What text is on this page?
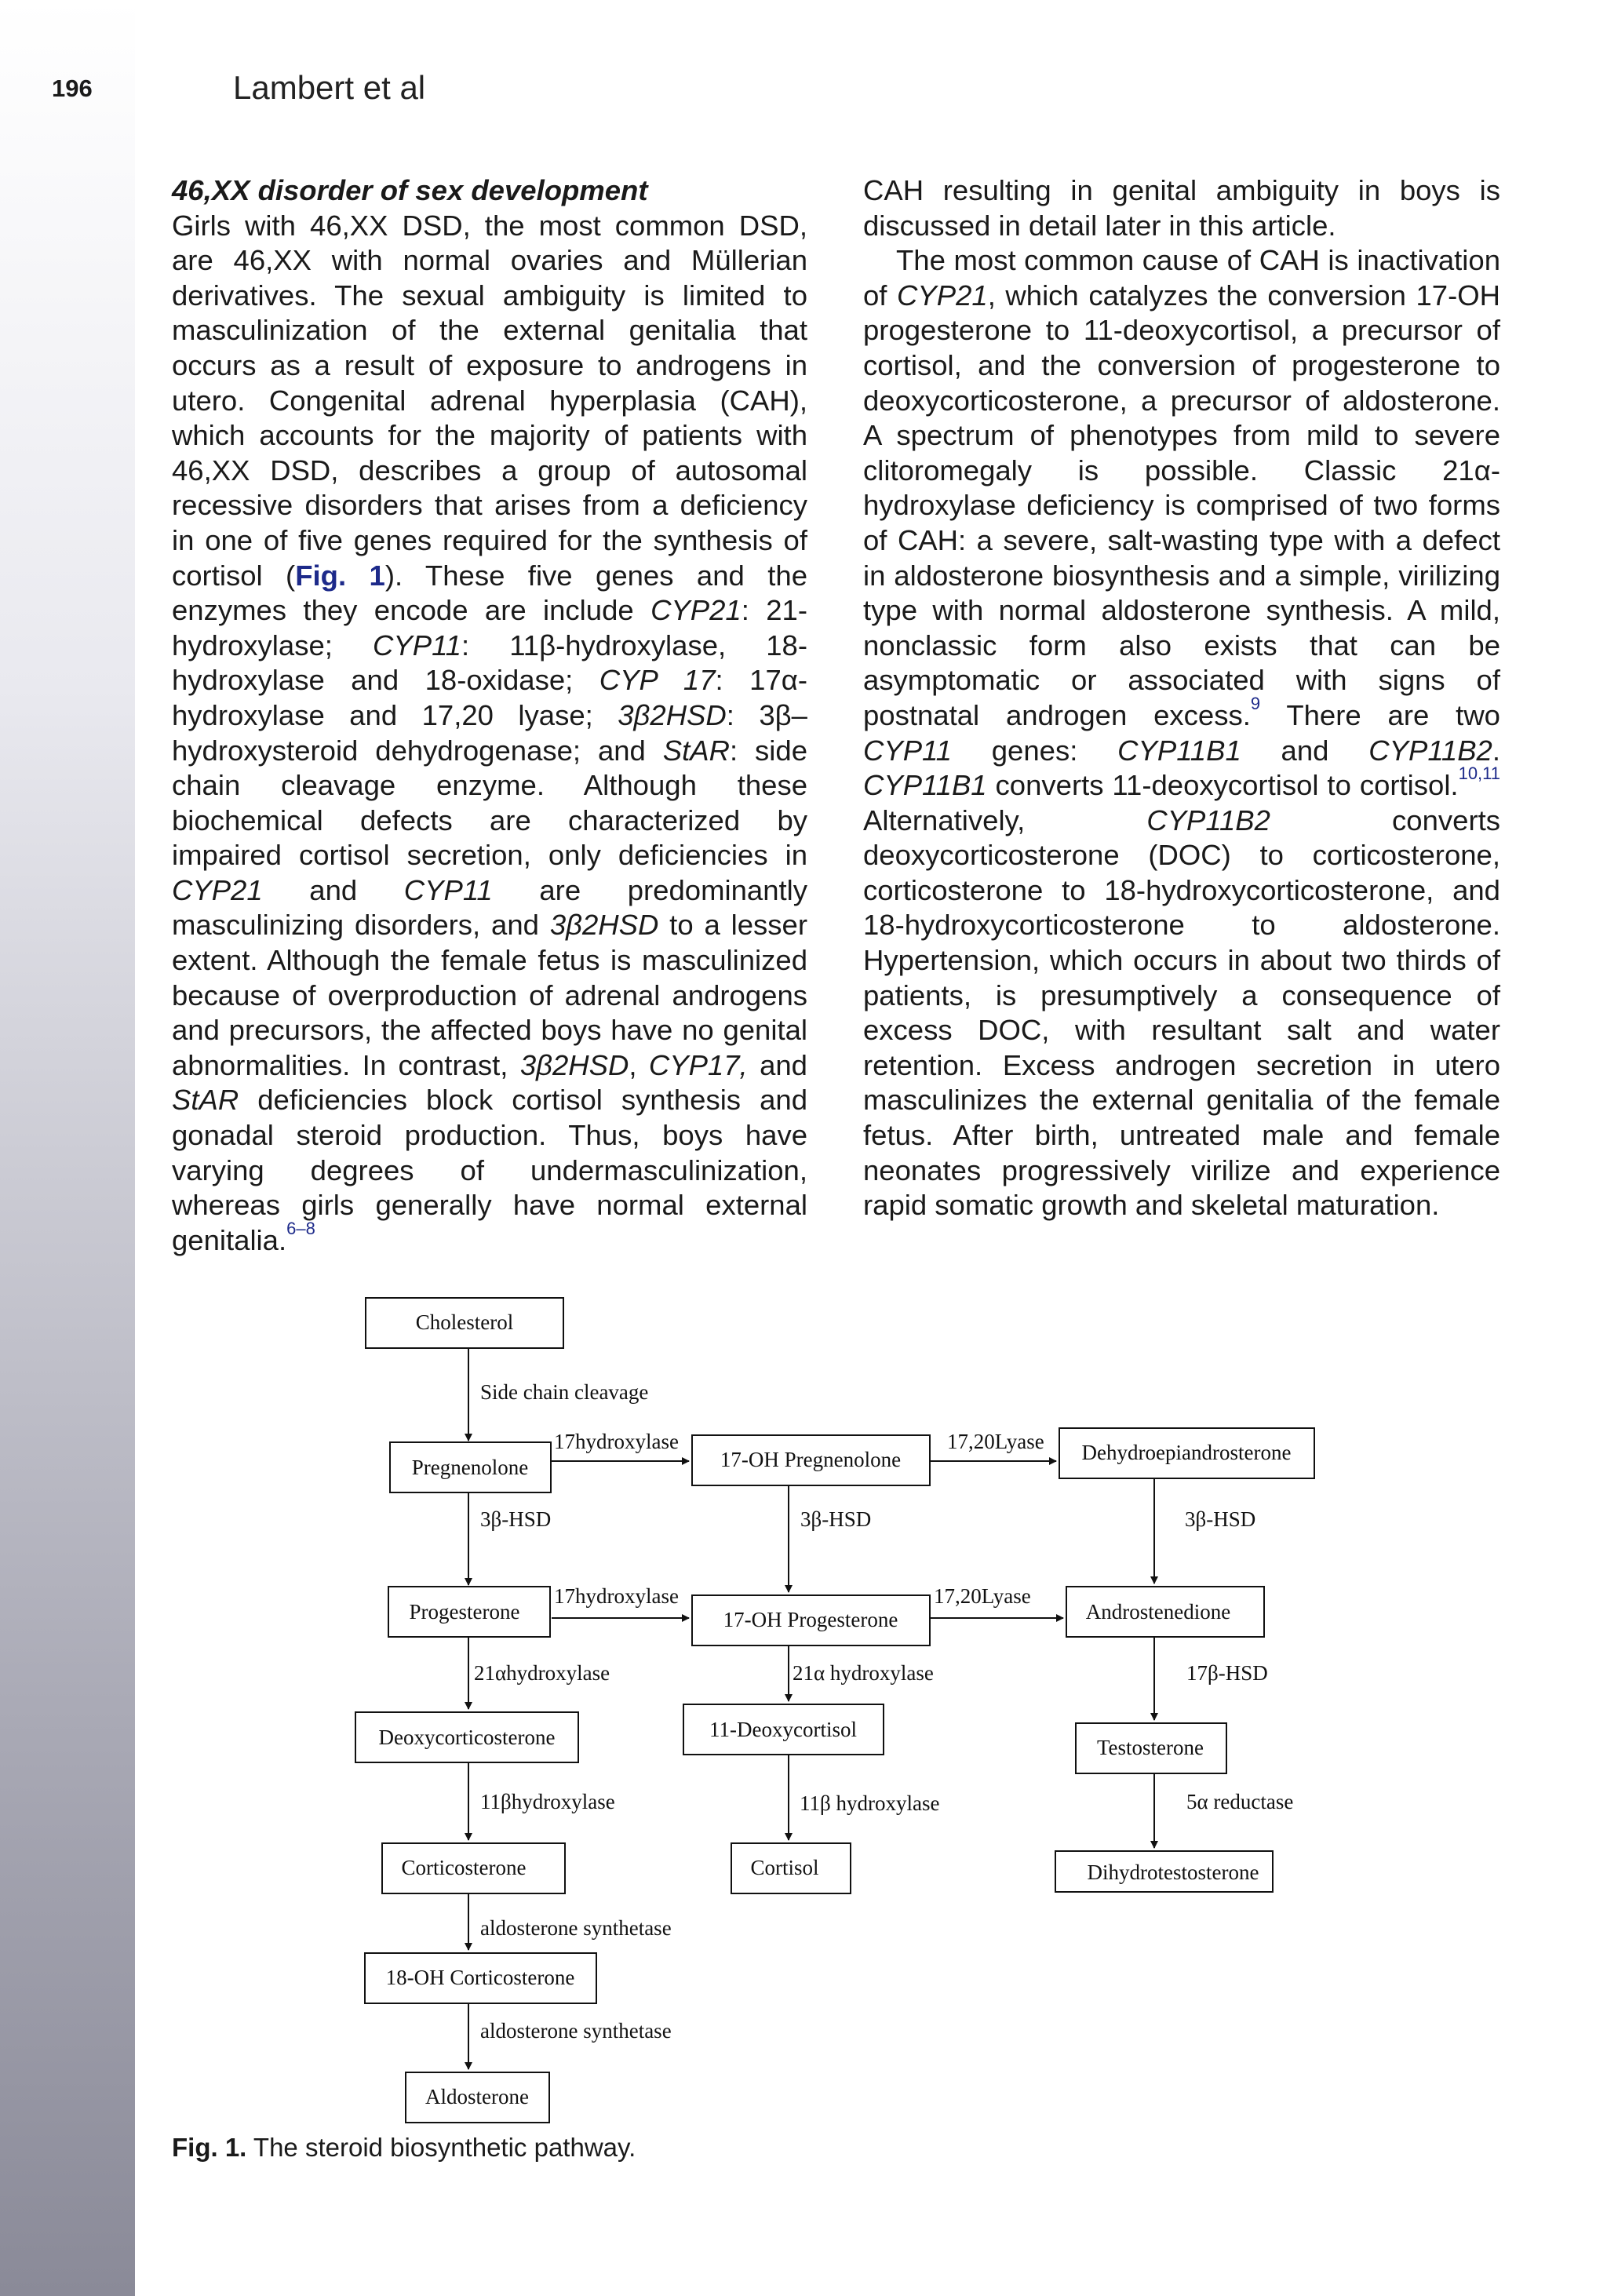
196	Lambert et al

46,XX disorder of sex development

Girls with 46,XX DSD, the most common DSD, are 46,XX with normal ovaries and Müllerian derivatives. The sexual ambiguity is limited to masculinization of the external genitalia that occurs as a result of exposure to androgens in utero. Congenital adrenal hyperplasia (CAH), which accounts for the majority of patients with 46,XX DSD, describes a group of autosomal recessive disorders that arises from a deficiency in one of five genes required for the synthesis of cortisol (Fig. 1). These five genes and the enzymes they encode are include CYP21: 21-hydroxylase; CYP11: 11β-hydroxylase, 18-hydroxylase and 18-oxidase; CYP 17: 17α-hydroxylase and 17,20 lyase; 3β2HSD: 3β–hydroxysteroid dehydrogenase; and StAR: side chain cleavage enzyme. Although these biochemical defects are characterized by impaired cortisol secretion, only deficiencies in CYP21 and CYP11 are predominantly masculinizing disorders, and 3β2HSD to a lesser extent. Although the female fetus is masculinized because of overproduction of adrenal androgens and precursors, the affected boys have no genital abnormalities. In contrast, 3β2HSD, CYP17, and StAR deficiencies block cortisol synthesis and gonadal steroid production. Thus, boys have varying degrees of undermasculinization, whereas girls generally have normal external genitalia.$^{6-8}$

CAH resulting in genital ambiguity in boys is discussed in detail later in this article.

The most common cause of CAH is inactivation of CYP21, which catalyzes the conversion 17-OH progesterone to 11-deoxycortisol, a precursor of cortisol, and the conversion of progesterone to deoxycorticosterone, a precursor of aldosterone. A spectrum of phenotypes from mild to severe clitoromegaly is possible. Classic 21α-hydroxylase deficiency is comprised of two forms of CAH: a severe, salt-wasting type with a defect in aldosterone biosynthesis and a simple, virilizing type with normal aldosterone synthesis. A mild, nonclassic form also exists that can be asymptomatic or associated with signs of postnatal androgen excess.$^9$ There are two CYP11 genes: CYP11B1 and CYP11B2. CYP11B1 converts 11-deoxycortisol to cortisol.$^{10,11}$ Alternatively, CYP11B2 converts deoxycorticosterone (DOC) to corticosterone, corticosterone to 18-hydroxycorticosterone, and 18-hydroxycorticosterone to aldosterone. Hypertension, which occurs in about two thirds of patients, is presumptively a consequence of excess DOC, with resultant salt and water retention. Excess androgen secretion in utero masculinizes the external genitalia of the female fetus. After birth, untreated male and female neonates progressively virilize and experience rapid somatic growth and skeletal maturation.

Cholesterol
Pregnenolone	17-OH Pregnenolone	Dehydroepiandrosterone
Progesterone	17-OH Progesterone	Androstenedione
Deoxycorticosterone	11-Deoxycortisol
Testosterone
Corticosterone	Cortisol	Dihydrotestosterone
18-OH Corticosterone
Aldosterone
Side chain cleavage
17hydroxylase	17,20Lyase
3β-HSD	3β-HSD	3β-HSD
17hydroxylase	17,20Lyase
21αhydroxylase	21α hydroxylase	17β-HSD
11βhydroxylase	11β hydroxylase	5α reductase
aldosterone synthetase
aldosterone synthetase
Fig. 1. The steroid biosynthetic pathway.
